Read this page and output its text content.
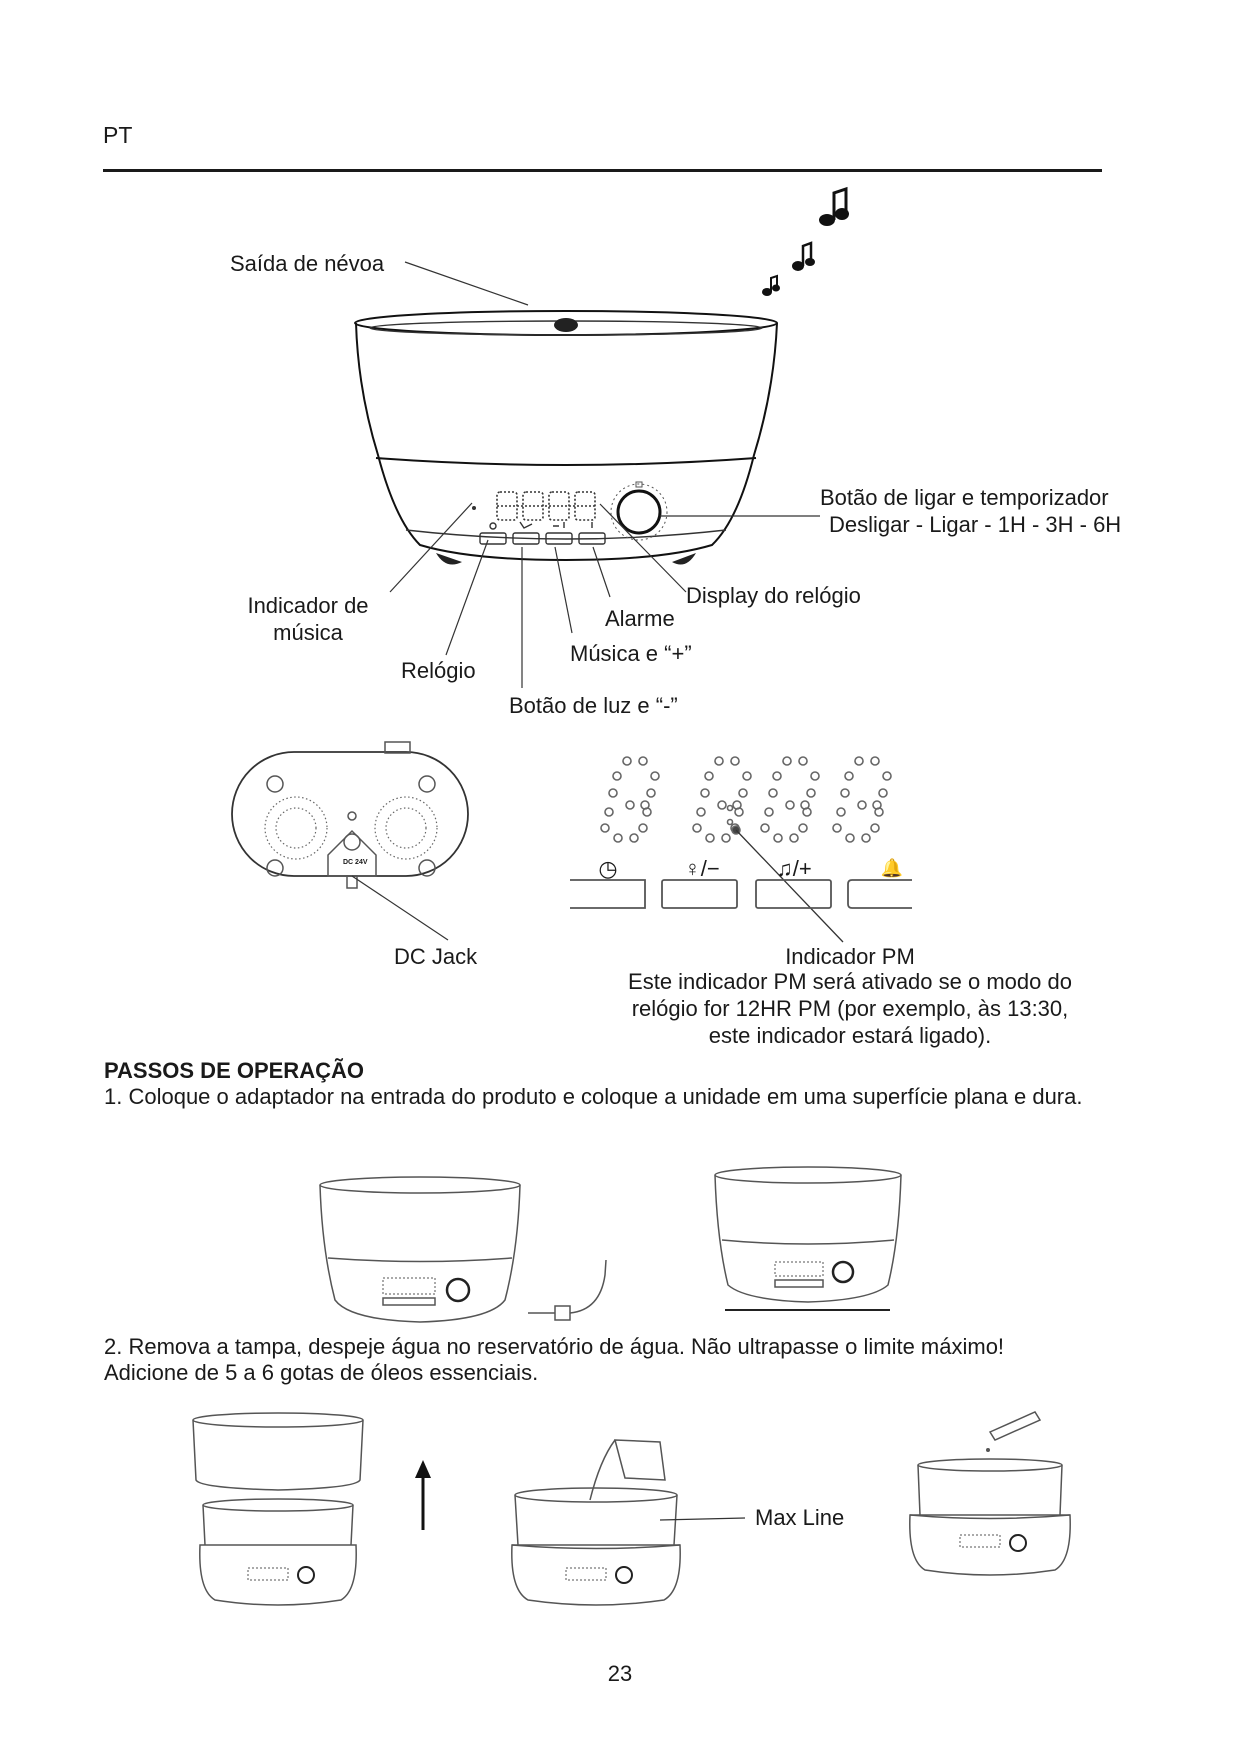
PT
Saída de névoa
Botão de ligar e temporizador
Desligar - Ligar - 1H - 3H - 6H
Indicador de
música
Display do relógio
Alarme
Música e “+”
Relógio
Botão de luz e “-”
DC 24V	◷	♀/−	♫/+	🔔
DC Jack	Indicador PM
Este indicador PM será ativado se o modo do
relógio for 12HR PM (por exemplo, às 13:30,
este indicador estará ligado).
PASSOS DE OPERAÇÃO
1. Coloque o adaptador na entrada do produto e coloque a unidade em uma superfície plana e dura.
2. Remova a tampa, despeje água no reservatório de água. Não ultrapasse o limite máximo!
Adicione de 5 a 6 gotas de óleos essenciais.
Max Line
23
